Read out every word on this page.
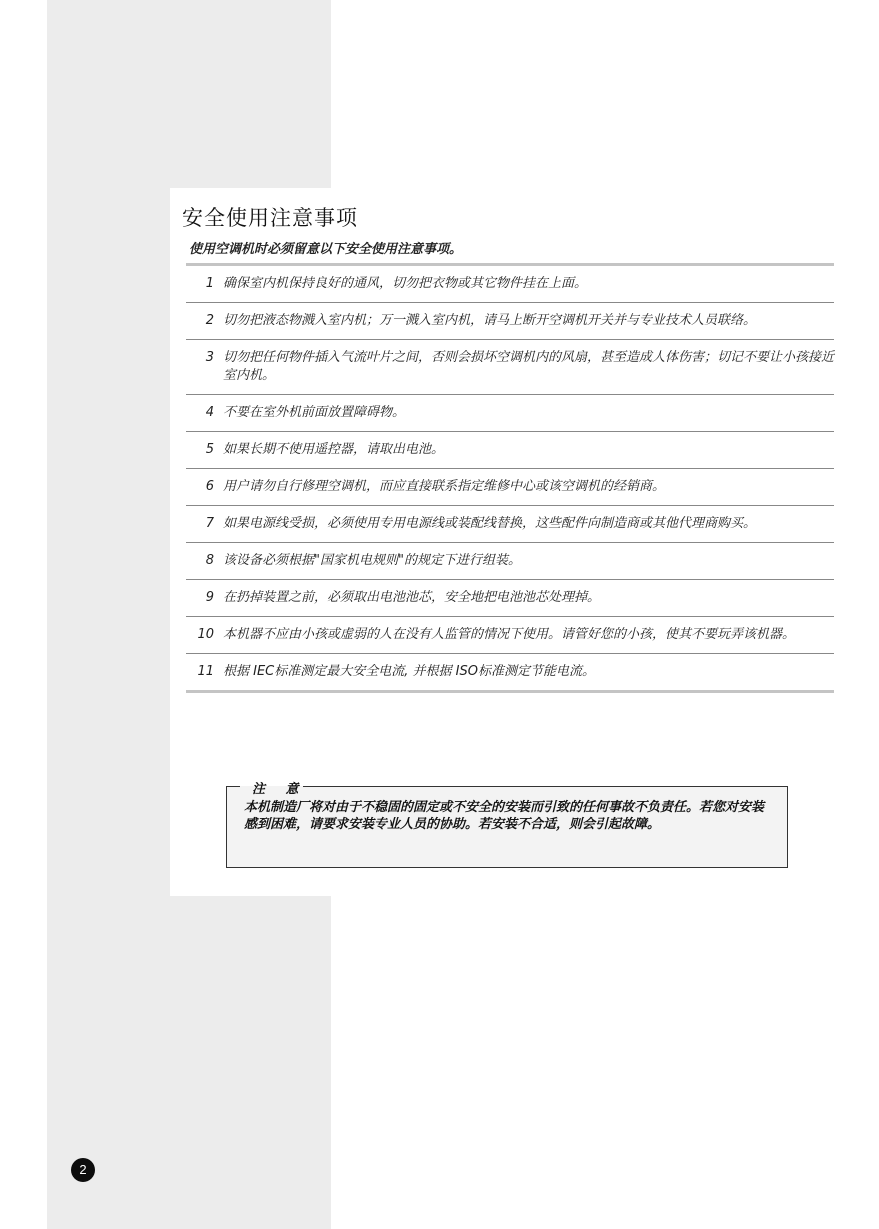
安全使用注意事项
使用空调机时必须留意以下安全使用注意事项。
1 确保室内机保持良好的通风，切勿把衣物或其它物件挂在上面。
2 切勿把液态物溅入室内机；万一溅入室内机，请马上断开空调机开关并与专业技术人员联络。
3 切勿把任何物件插入气流叶片之间，否则会损坏空调机内的风扇，甚至造成人体伤害；切记不要让小孩接近室内机。
4 不要在室外机前面放置障碍物。
5 如果长期不使用遥控器，请取出电池。
6 用户请勿自行修理空调机，而应直接联系指定维修中心或该空调机的经销商。
7 如果电源线受损，必须使用专用电源线或装配线替换，这些配件向制造商或其他代理商购买。
8 该设备必须根据"国家机电规则"的规定下进行组装。
9 在扔掉装置之前，必须取出电池池芯，安全地把电池池芯处理掉。
10 本机器不应由小孩或虚弱的人在没有人监管的情况下使用。请管好您的小孩，使其不要玩弄该机器。
11 根据 IEC标准测定最大安全电流, 并根据 ISO标准测定节能电流。
注 意
本机制造厂将对由于不稳固的固定或不安全的安装而引致的任何事故不负责任。若您对安装感到困难，请要求安装专业人员的协助。若安装不合适，则会引起故障。
2
